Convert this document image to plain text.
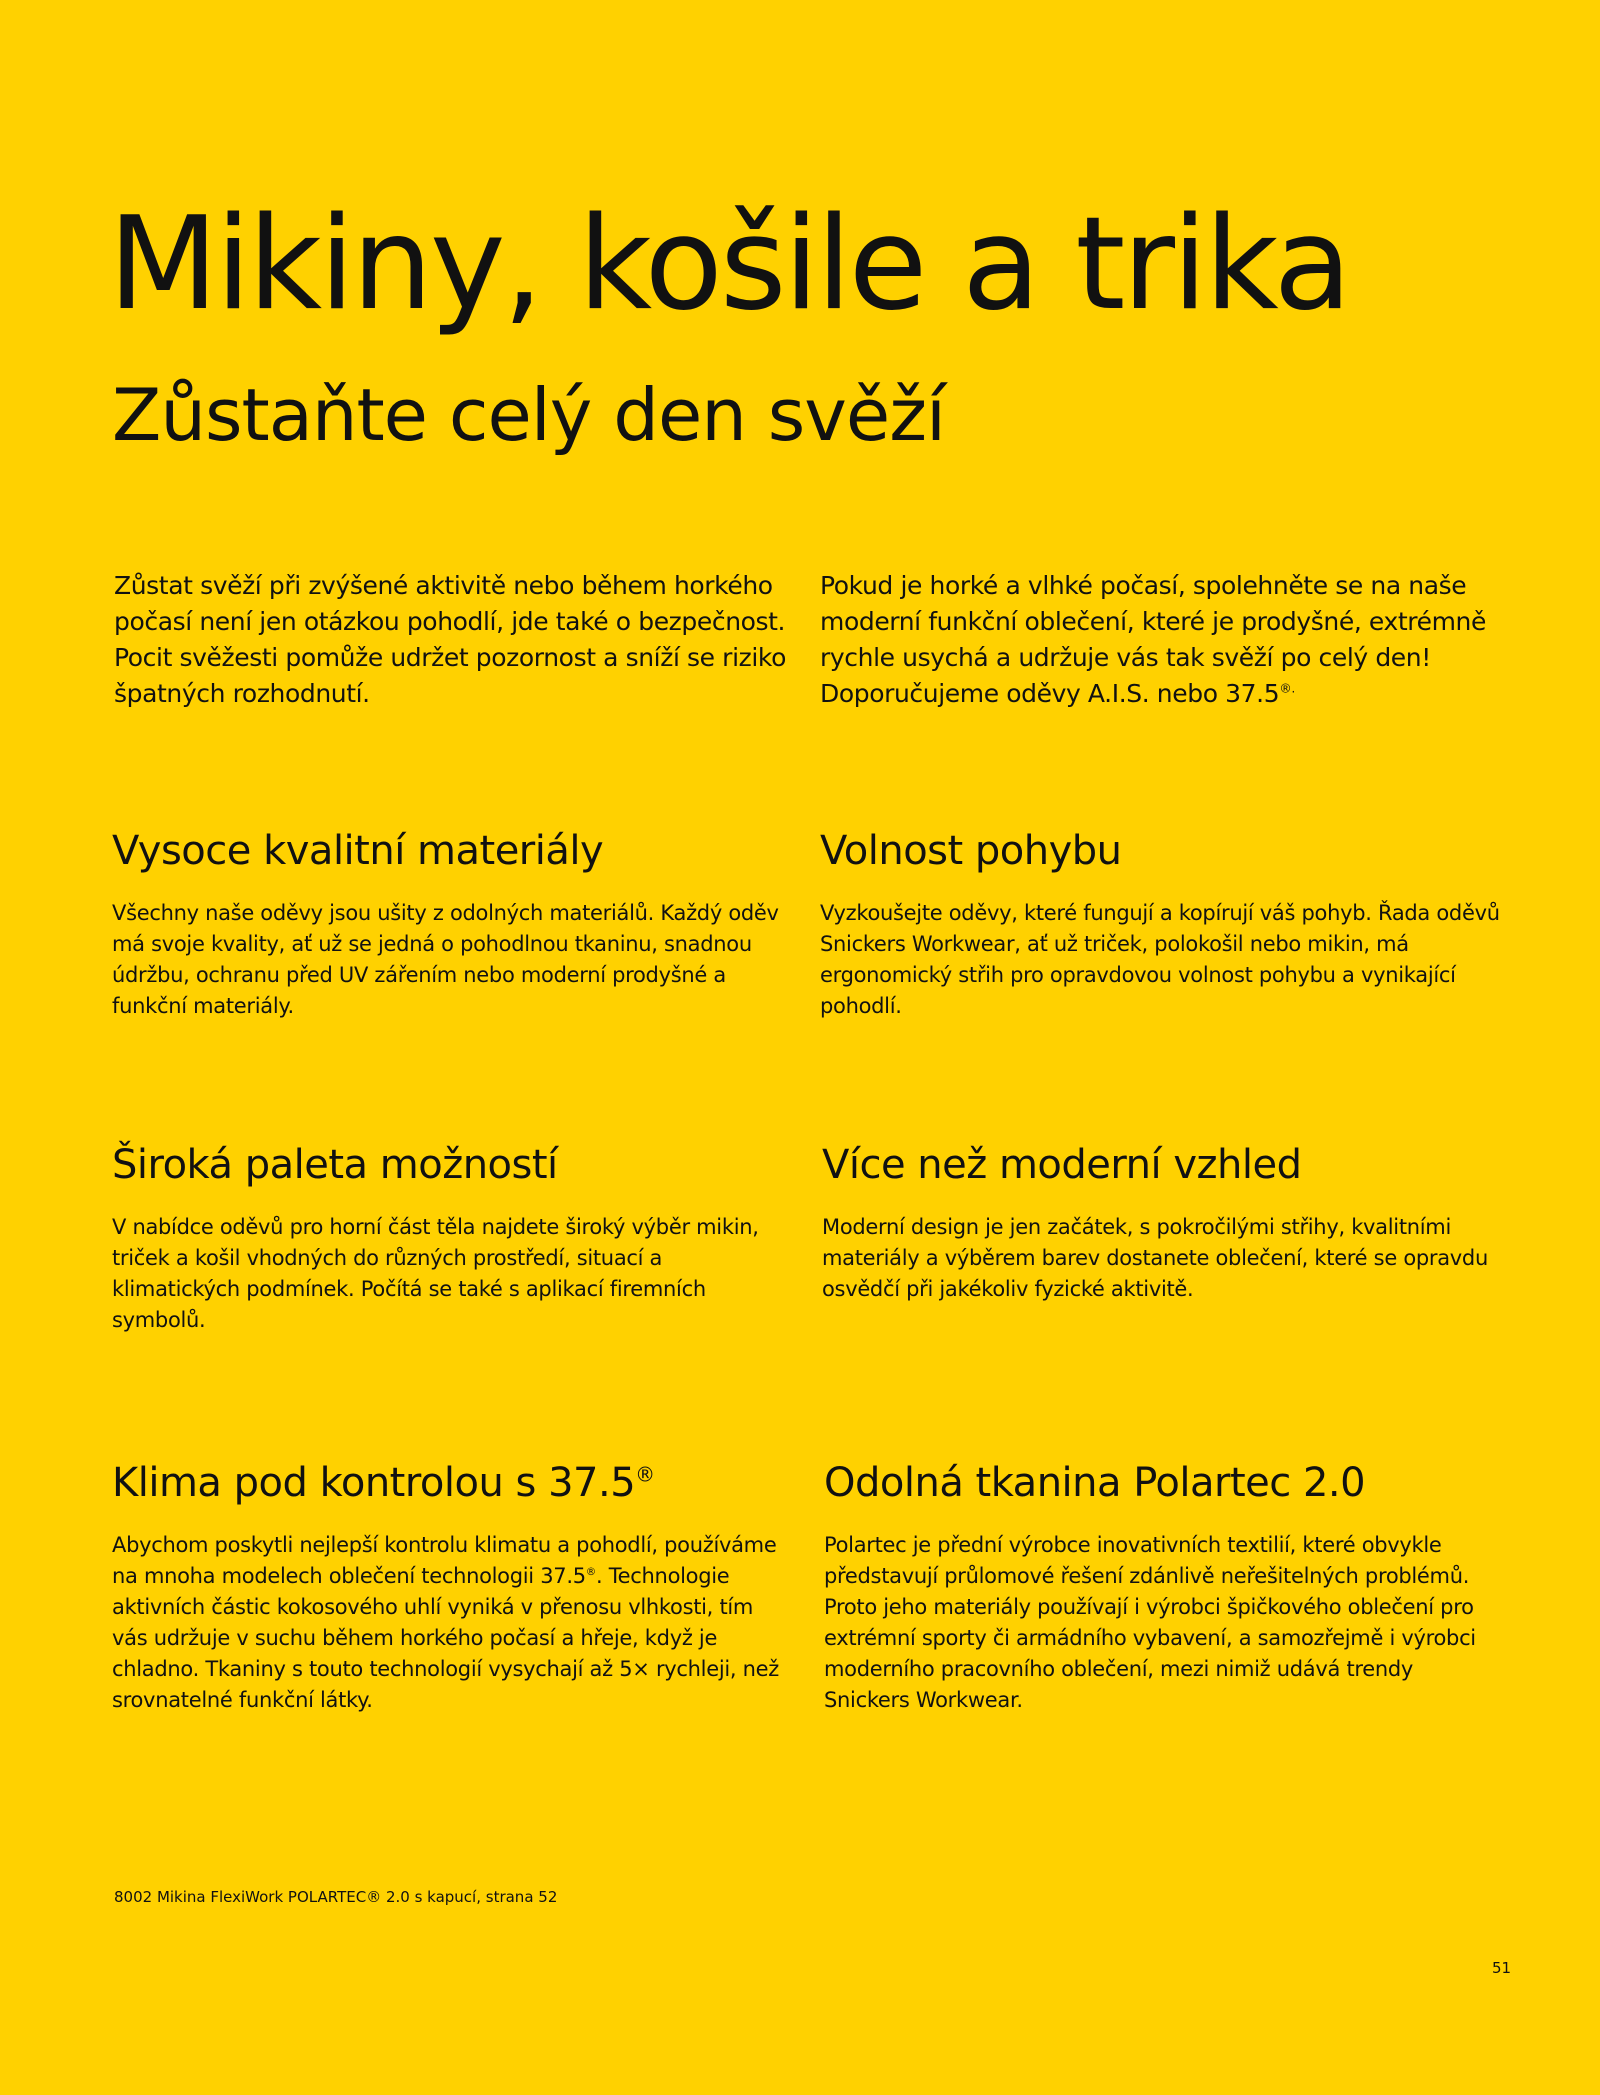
Mikiny, košile a trika
Zůstaňte celý den svěží

Zůstat svěží při zvýšené aktivitě nebo během horkého počasí není jen otázkou pohodlí, jde také o bezpečnost. Pocit svěžesti pomůže udržet pozornost a sníží se riziko špatných rozhodnutí.

Pokud je horké a vlhké počasí, spolehněte se na naše moderní funkční oblečení, které je prodyšné, extrémně rychle usychá a udržuje vás tak svěží po celý den! Doporučujeme oděvy A.I.S. nebo 37.5®.

Vysoce kvalitní materiály

Všechny naše oděvy jsou ušity z odolných materiálů. Každý oděv má svoje kvality, ať už se jedná o pohodlnou tkaninu, snadnou údržbu, ochranu před UV zářením nebo moderní prodyšné a funkční materiály.

Volnost pohybu

Vyzkoušejte oděvy, které fungují a kopírují váš pohyb. Řada oděvů Snickers Workwear, ať už triček, polokošil nebo mikin, má ergonomický střih pro opravdovou volnost pohybu a vynikající pohodlí.

Široká paleta možností

V nabídce oděvů pro horní část těla najdete široký výběr mikin, triček a košil vhodných do různých prostředí, situací a klimatických podmínek. Počítá se také s aplikací firemních symbolů.

Více než moderní vzhled

Moderní design je jen začátek, s pokročilými střihy, kvalitními materiály a výběrem barev dostanete oblečení, které se opravdu osvědčí při jakékoliv fyzické aktivitě.

Klima pod kontrolou s 37.5®

Abychom poskytli nejlepší kontrolu klimatu a pohodlí, používáme na mnoha modelech oblečení technologii 37.5®. Technologie aktivních částic kokosového uhlí vyniká v přenosu vlhkosti, tím vás udržuje v suchu během horkého počasí a hřeje, když je chladno. Tkaniny s touto technologií vysychají až 5× rychleji, než srovnatelné funkční látky.

Odolná tkanina Polartec 2.0

Polartec je přední výrobce inovativních textilií, které obvykle představují průlomové řešení zdánlivě neřešitelných problémů. Proto jeho materiály používají i výrobci špičkového oblečení pro extrémní sporty či armádního vybavení, a samozřejmě i výrobci moderního pracovního oblečení, mezi nimiž udává trendy Snickers Workwear.

8002 Mikina FlexiWork POLARTEC® 2.0 s kapucí, strana 52

51
